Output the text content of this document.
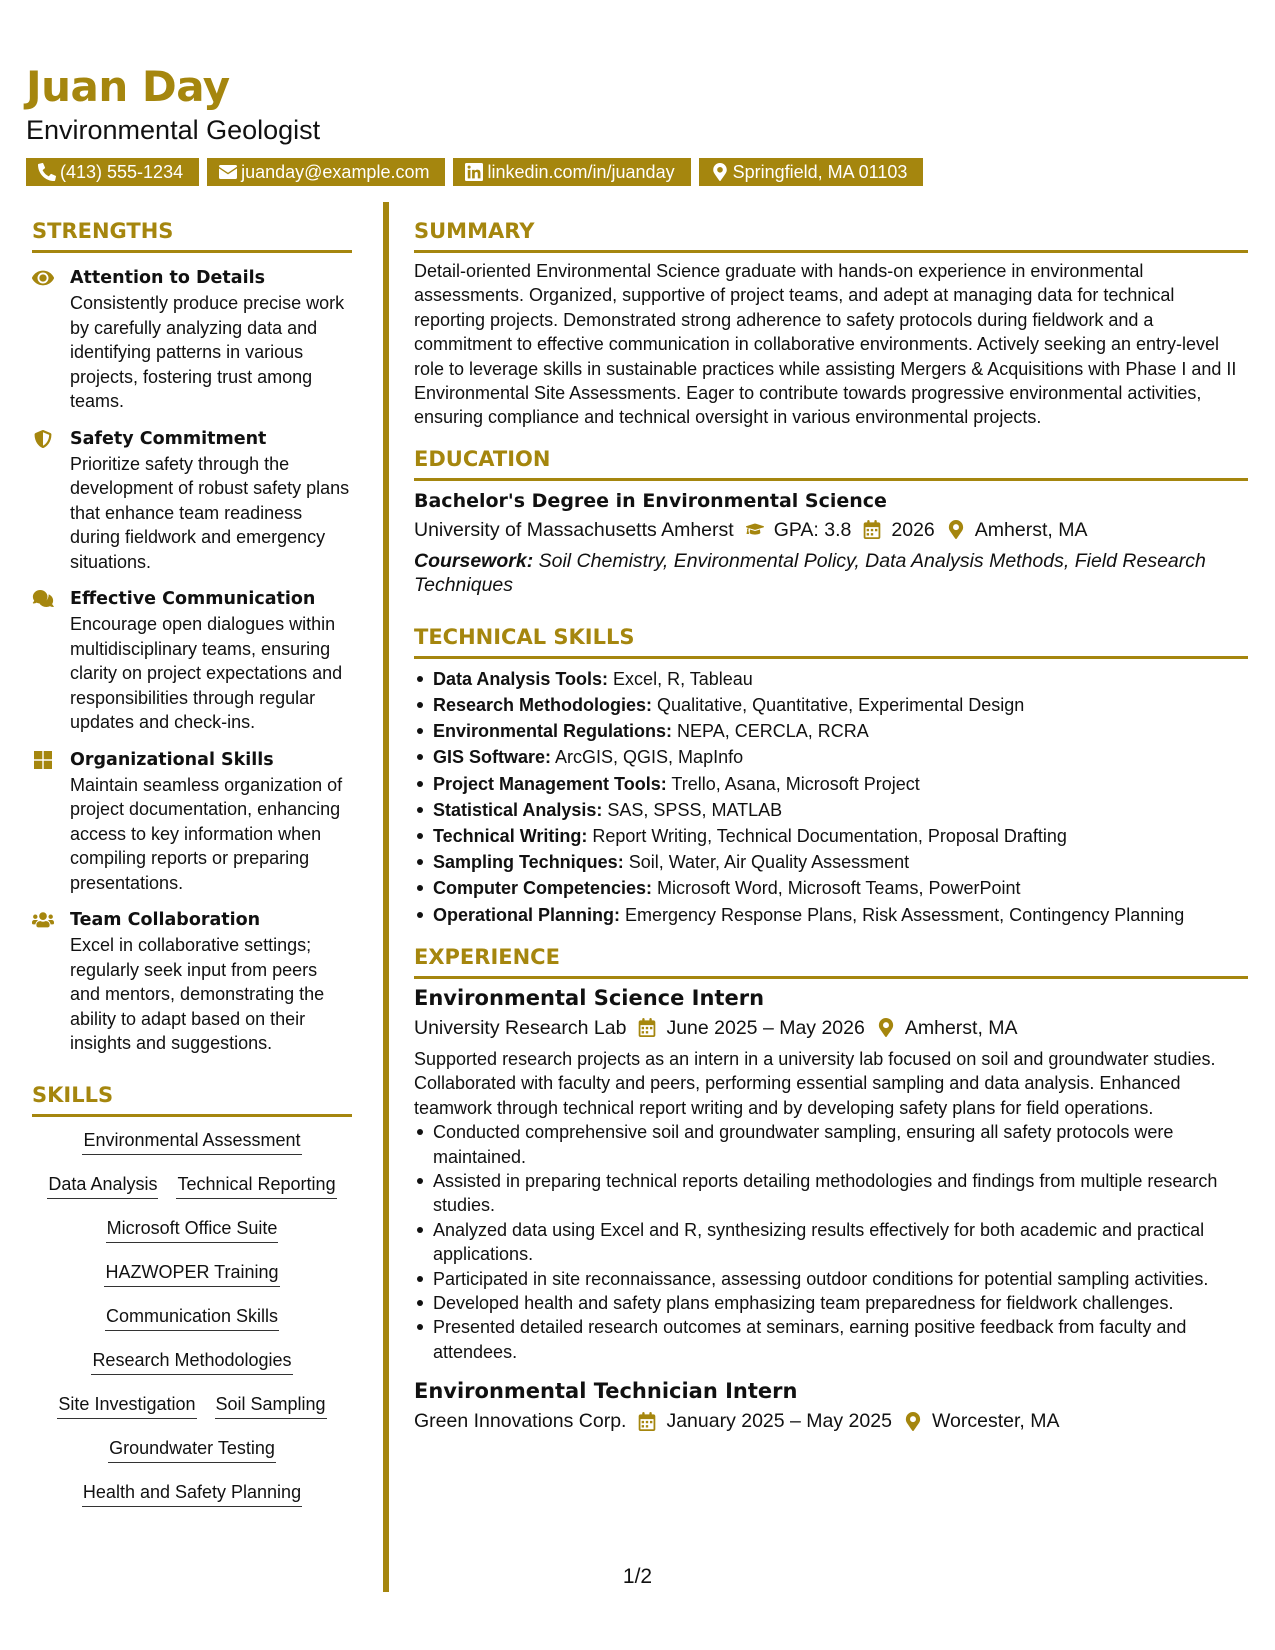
Juan Day
Environmental Geologist
(413) 555-1234	juanday@example.com	linkedin.com/in/juanday	Springfield, MA 01103
STRENGTHS
Attention to Details
Consistently produce precise work by carefully analyzing data and identifying patterns in various projects, fostering trust among teams.
Safety Commitment
Prioritize safety through the development of robust safety plans that enhance team readiness during fieldwork and emergency situations.
Effective Communication
Encourage open dialogues within multidisciplinary teams, ensuring clarity on project expectations and responsibilities through regular updates and check-ins.
Organizational Skills
Maintain seamless organization of project documentation, enhancing access to key information when compiling reports or preparing presentations.
Team Collaboration
Excel in collaborative settings; regularly seek input from peers and mentors, demonstrating the ability to adapt based on their insights and suggestions.
SKILLS
Environmental Assessment
Data Analysis Technical Reporting
Microsoft Office Suite
HAZWOPER Training
Communication Skills
Research Methodologies
Site Investigation Soil Sampling
Groundwater Testing
Health and Safety Planning
SUMMARY
Detail-oriented Environmental Science graduate with hands-on experience in environmental assessments. Organized, supportive of project teams, and adept at managing data for technical reporting projects. Demonstrated strong adherence to safety protocols during fieldwork and a commitment to effective communication in collaborative environments. Actively seeking an entry-level role to leverage skills in sustainable practices while assisting Mergers & Acquisitions with Phase I and II Environmental Site Assessments. Eager to contribute towards progressive environmental activities, ensuring compliance and technical oversight in various environmental projects.
EDUCATION
Bachelor's Degree in Environmental Science
University of Massachusetts Amherst GPA: 3.8 2026 Amherst, MA
Coursework: Soil Chemistry, Environmental Policy, Data Analysis Methods, Field Research Techniques
TECHNICAL SKILLS
Data Analysis Tools: Excel, R, Tableau
Research Methodologies: Qualitative, Quantitative, Experimental Design
Environmental Regulations: NEPA, CERCLA, RCRA
GIS Software: ArcGIS, QGIS, MapInfo
Project Management Tools: Trello, Asana, Microsoft Project
Statistical Analysis: SAS, SPSS, MATLAB
Technical Writing: Report Writing, Technical Documentation, Proposal Drafting
Sampling Techniques: Soil, Water, Air Quality Assessment
Computer Competencies: Microsoft Word, Microsoft Teams, PowerPoint
Operational Planning: Emergency Response Plans, Risk Assessment, Contingency Planning
EXPERIENCE
Environmental Science Intern
University Research Lab June 2025 – May 2026 Amherst, MA
Supported research projects as an intern in a university lab focused on soil and groundwater studies. Collaborated with faculty and peers, performing essential sampling and data analysis. Enhanced teamwork through technical report writing and by developing safety plans for field operations.
Conducted comprehensive soil and groundwater sampling, ensuring all safety protocols were maintained.
Assisted in preparing technical reports detailing methodologies and findings from multiple research studies.
Analyzed data using Excel and R, synthesizing results effectively for both academic and practical applications.
Participated in site reconnaissance, assessing outdoor conditions for potential sampling activities.
Developed health and safety plans emphasizing team preparedness for fieldwork challenges.
Presented detailed research outcomes at seminars, earning positive feedback from faculty and attendees.
Environmental Technician Intern
Green Innovations Corp. January 2025 – May 2025 Worcester, MA
1/2
